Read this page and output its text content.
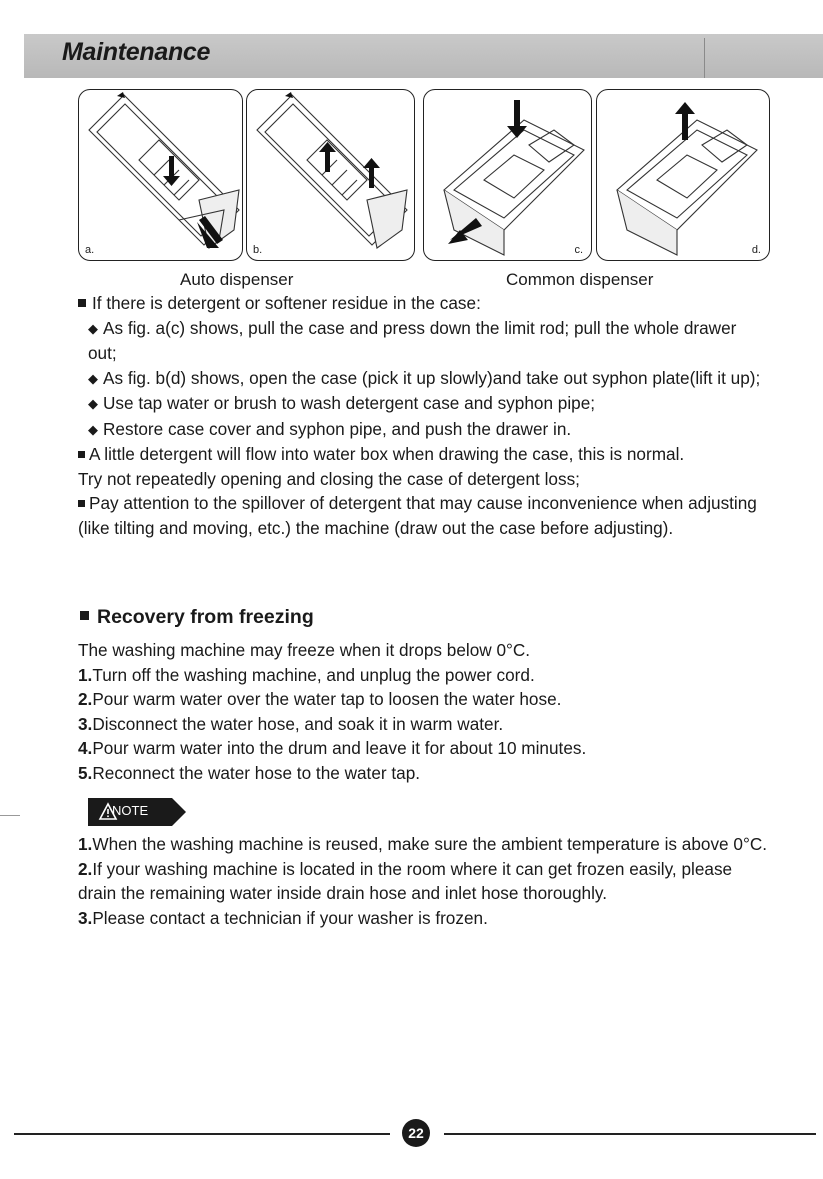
Maintenance
a.	b.	c.	d.
Auto dispenser	Common dispenser

If there is detergent or softener residue in the case:

◆ As fig. a(c) shows, pull the case and press down the limit rod; pull the whole drawer out;

◆ As fig. b(d) shows, open the case (pick it up slowly)and take out syphon plate(lift it up);

◆ Use tap water or brush to wash detergent case and syphon pipe;

◆ Restore case cover and syphon pipe, and push the drawer in.

A little detergent will flow into water box when drawing the case, this is normal.

Try not repeatedly opening and closing the case of detergent loss;

Pay attention to the spillover of detergent that may cause inconvenience when adjusting (like tilting and moving, etc.) the machine (draw out the case before adjusting).

Recovery from freezing

The washing machine may freeze when it drops below 0°C.

1.Turn off the washing machine, and unplug the power cord.

2.Pour warm water over the water tap to loosen the water hose.

3.Disconnect the water hose, and soak it in warm water.

4.Pour warm water into the drum and leave it for about 10 minutes.

5.Reconnect the water hose to the water tap.

NOTE

1.When the washing machine is reused, make sure the ambient temperature is above 0°C.

2.If your washing machine is located in the room where it can get frozen easily, please drain the remaining water inside drain hose and inlet hose thoroughly.

3.Please contact a technician if your washer is frozen.

22
